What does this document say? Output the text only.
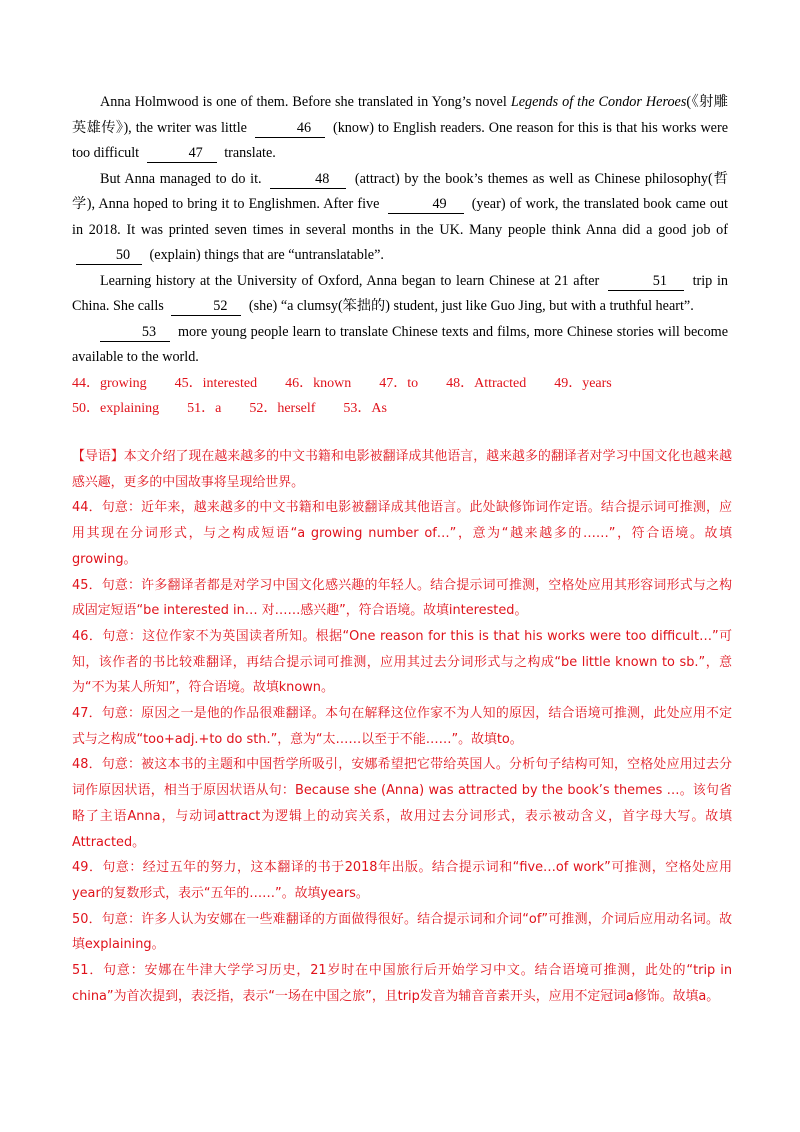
Anna Holmwood is one of them. Before she translated in Yong’s novel Legends of the Condor Heroes(《射雕英雄传》), the writer was little	46 (know) to English readers. One reason for this is that his works were too difficult	47 translate.

But Anna managed to do it.	48 (attract) by the book’s themes as well as Chinese philosophy(哲学), Anna hoped to bring it to Englishmen. After five	49 (year) of work, the translated book came out in 2018. It was printed seven times in several months in the UK. Many people think Anna did a good job of 50 (explain) things that are “untranslatable”.

Learning history at the University of Oxford, Anna began to learn Chinese at 21 after	51 trip in China. She calls	52 (she) “a clumsy(笨拙的) student, just like Guo Jing, but with a truthful heart”.

53 more young people learn to translate Chinese texts and films, more Chinese stories will become available to the world.

44．growing 45．interested 46．known 47．to 48．Attracted 49．years50．explaining 51．a 52．herself 53．As

【导语】本文介绍了现在越来越多的中文书籍和电影被翻译成其他语言，越来越多的翻译者对学习中国文化也越来越感兴趣，更多的中国故事将呈现给世界。

44．句意：近年来，越来越多的中文书籍和电影被翻译成其他语言。此处缺修饰词作定语。结合提示词可推测，应用其现在分词形式，与之构成短语“a growing number of…”，意为“越来越多的……”，符合语境。故填growing。

45．句意：许多翻译者都是对学习中国文化感兴趣的年轻人。结合提示词可推测，空格处应用其形容词形式与之构成固定短语“be interested in… 对……感兴趣”，符合语境。故填interested。

46．句意：这位作家不为英国读者所知。根据“One reason for this is that his works were too difficult…”可知，该作者的书比较难翻译，再结合提示词可推测，应用其过去分词形式与之构成“be little known to sb.”，意为“不为某人所知”，符合语境。故填known。

47．句意：原因之一是他的作品很难翻译。本句在解释这位作家不为人知的原因，结合语境可推测，此处应用不定式与之构成“too+adj.+to do sth.”，意为“太……以至于不能……”。故填to。

48．句意：被这本书的主题和中国哲学所吸引，安娜希望把它带给英国人。分析句子结构可知，空格处应用过去分词作原因状语，相当于原因状语从句：Because she (Anna) was attracted by the book’s themes …。该句省略了主语Anna，与动词attract为逻辑上的动宾关系，故用过去分词形式，表示被动含义，首字母大写。故填Attracted。

49．句意：经过五年的努力，这本翻译的书于2018年出版。结合提示词和“five…of work”可推测，空格处应用year的复数形式，表示“五年的……”。故填years。

50．句意：许多人认为安娜在一些难翻译的方面做得很好。结合提示词和介词“of”可推测，介词后应用动名词。故填explaining。

51．句意：安娜在牛津大学学习历史，21岁时在中国旅行后开始学习中文。结合语境可推测，此处的“trip in china”为首次提到，表泛指，表示“一场在中国之旅”，且trip发音为辅音音素开头，应用不定冠词a修饰。故填a。
